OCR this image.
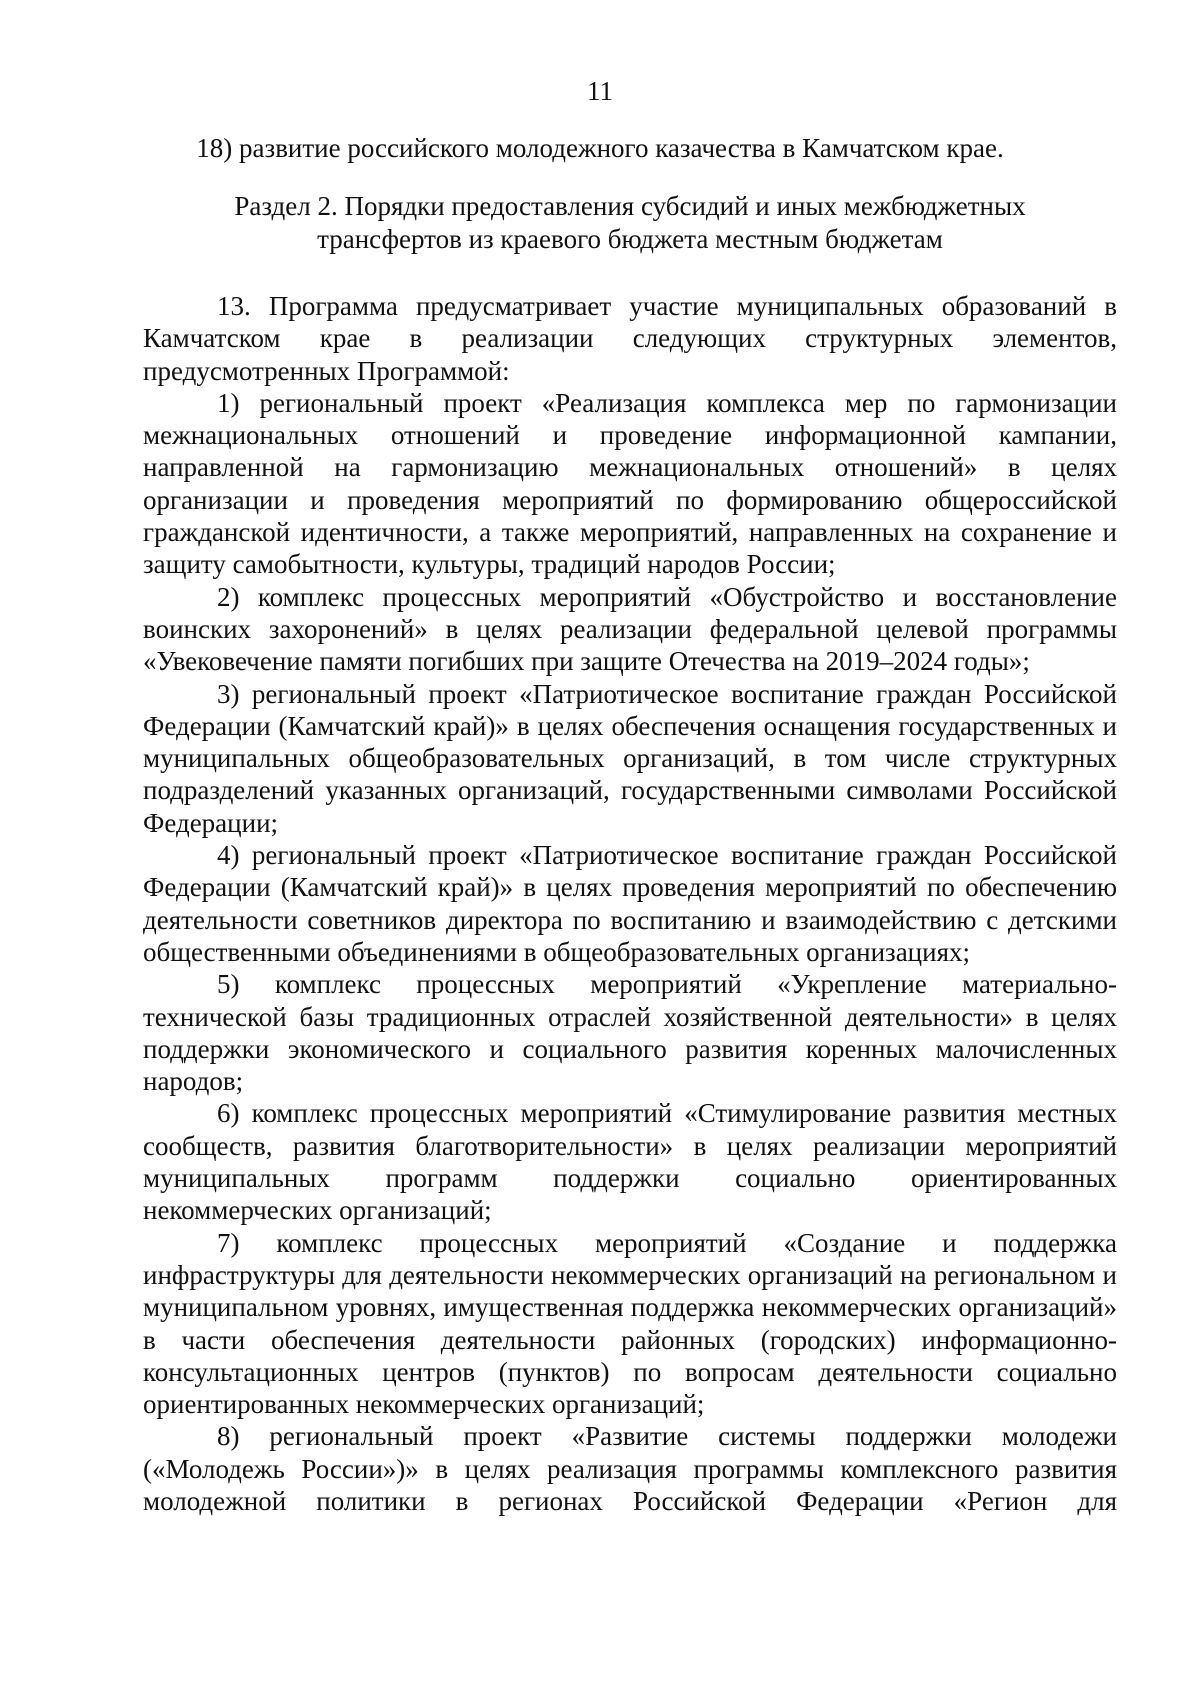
11
18) развитие российского молодежного казачества в Камчатском крае.
Раздел 2. Порядки предоставления субсидий и иных межбюджетных
трансфертов из краевого бюджета местным бюджетам

13. Программа предусматривает участие муниципальных образований в Камчатском крае в реализации следующих структурных элементов, предусмотренных Программой:

1) региональный проект «Реализация комплекса мер по гармонизации межнациональных отношений и проведение информационной кампании, направленной на гармонизацию межнациональных отношений» в целях организации и проведения мероприятий по формированию общероссийской гражданской идентичности, а также мероприятий, направленных на сохранение и защиту самобытности, культуры, традиций народов России;

2) комплекс процессных мероприятий «Обустройство и восстановление воинских захоронений» в целях реализации федеральной целевой программы «Увековечение памяти погибших при защите Отечества на 2019–2024 годы»;

3) региональный проект «Патриотическое воспитание граждан Российской Федерации (Камчатский край)» в целях обеспечения оснащения государственных и муниципальных общеобразовательных организаций, в том числе структурных подразделений указанных организаций, государственными символами Российской Федерации;

4) региональный проект «Патриотическое воспитание граждан Российской Федерации (Камчатский край)» в целях проведения мероприятий по обеспечению деятельности советников директора по воспитанию и взаимодействию с детскими общественными объединениями в общеобразовательных организациях;

5) комплекс процессных мероприятий «Укрепление материально-технической базы традиционных отраслей хозяйственной деятельности» в целях поддержки экономического и социального развития коренных малочисленных народов;

6) комплекс процессных мероприятий «Стимулирование развития местных сообществ, развития благотворительности» в целях реализации мероприятий муниципальных программ поддержки социально ориентированных некоммерческих организаций;

7) комплекс процессных мероприятий «Создание и поддержка инфраструктуры для деятельности некоммерческих организаций на региональном и муниципальном уровнях, имущественная поддержка некоммерческих организаций» в части обеспечения деятельности районных (городских) информационно-консультационных центров (пунктов) по вопросам деятельности социально ориентированных некоммерческих организаций;

8) региональный проект «Развитие системы поддержки молодежи («Молодежь России»)» в целях реализация программы комплексного развития молодежной политики в регионах Российской Федерации «Регион для
